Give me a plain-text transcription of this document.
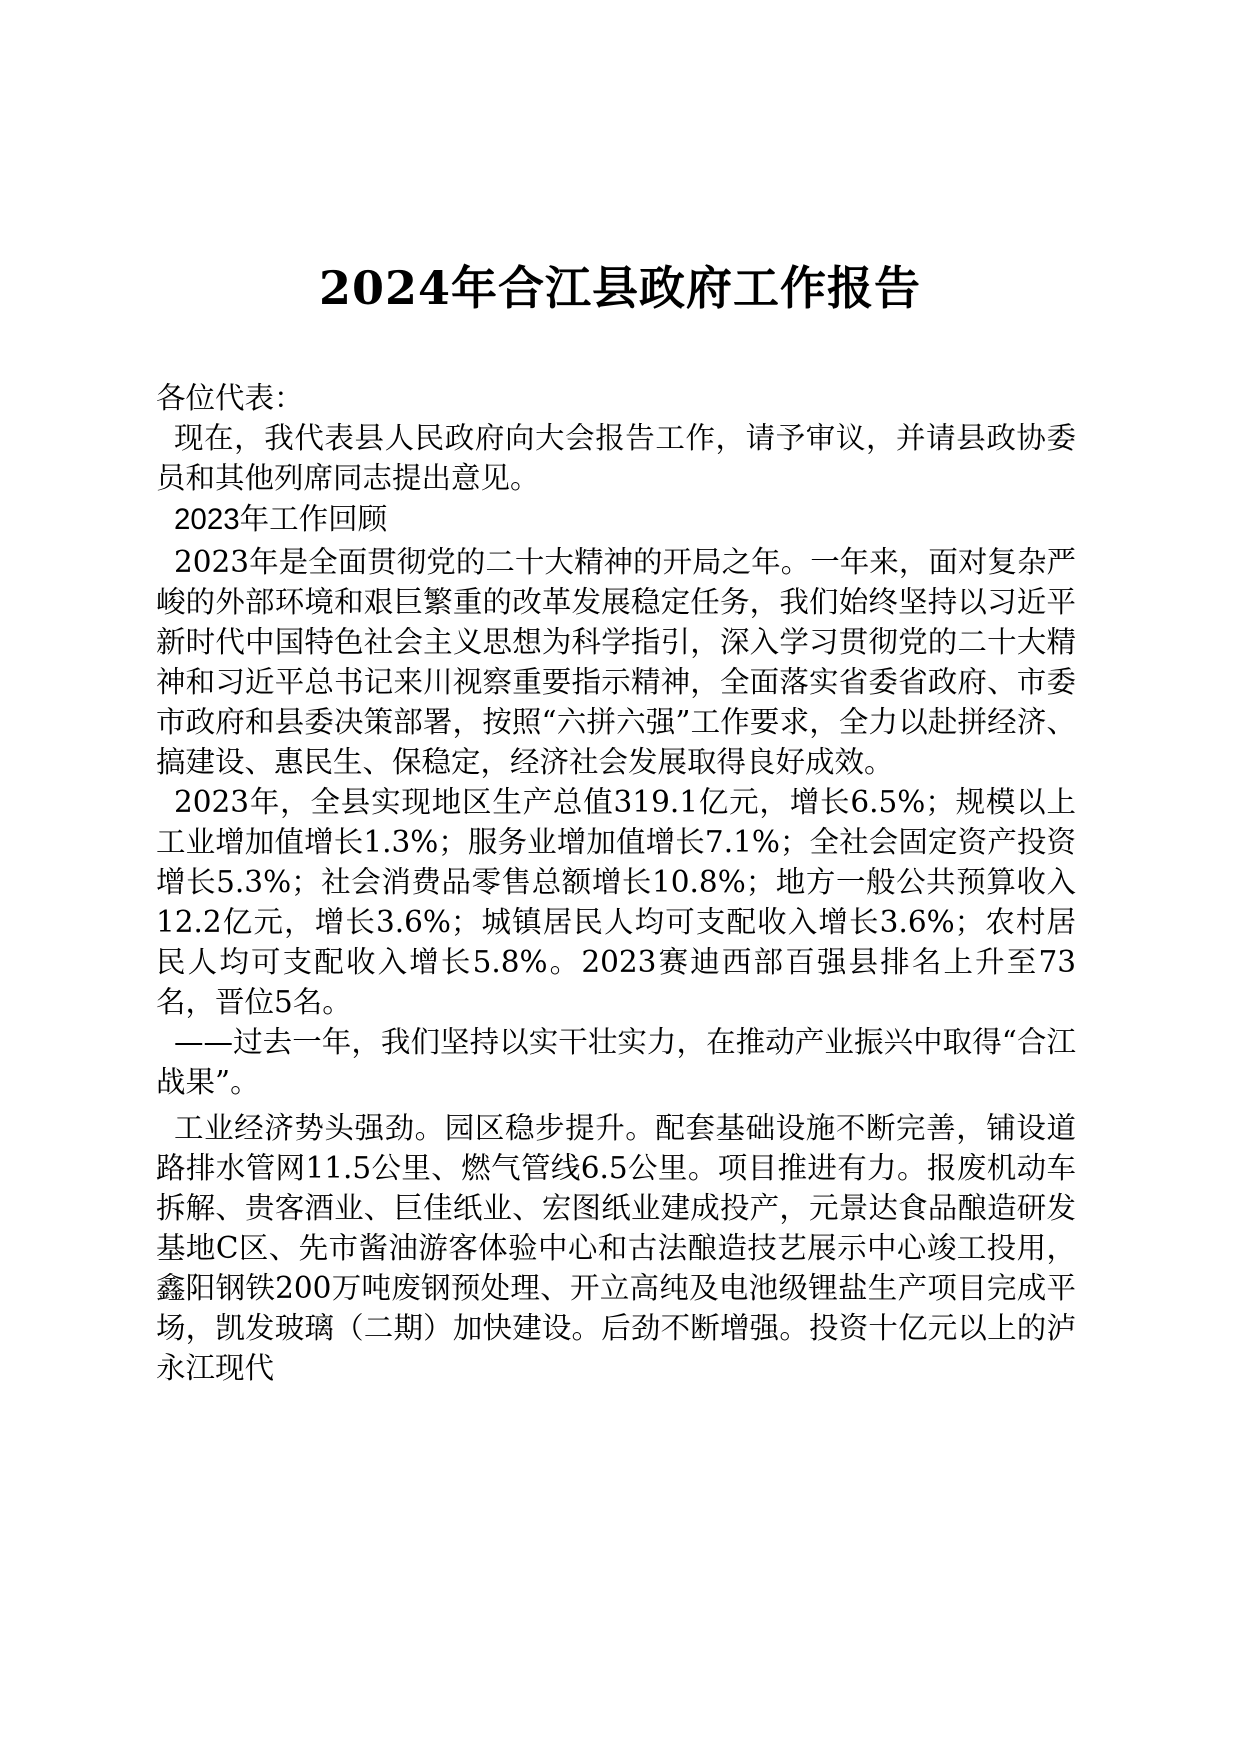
2024年合江县政府工作报告

各位代表：

现在，我代表县人民政府向大会报告工作，请予审议，并请县政协委员和其他列席同志提出意见。

2023年工作回顾

2023年是全面贯彻党的二十大精神的开局之年。一年来，面对复杂严峻的外部环境和艰巨繁重的改革发展稳定任务，我们始终坚持以习近平新时代中国特色社会主义思想为科学指引，深入学习贯彻党的二十大精神和习近平总书记来川视察重要指示精神，全面落实省委省政府、市委市政府和县委决策部署，按照“六拼六强”工作要求，全力以赴拼经济、搞建设、惠民生、保稳定，经济社会发展取得良好成效。

2023年，全县实现地区生产总值319.1亿元，增长6.5%；规模以上工业增加值增长1.3%；服务业增加值增长7.1%；全社会固定资产投资增长5.3%；社会消费品零售总额增长10.8%；地方一般公共预算收入12.2亿元，增长3.6%；城镇居民人均可支配收入增长3.6%；农村居民人均可支配收入增长5.8%。2023赛迪西部百强县排名上升至73名，晋位5名。

——过去一年，我们坚持以实干壮实力，在推动产业振兴中取得“合江战果”。

工业经济势头强劲。园区稳步提升。配套基础设施不断完善，铺设道路排水管网11.5公里、燃气管线6.5公里。项目推进有力。报废机动车拆解、贵客酒业、巨佳纸业、宏图纸业建成投产，元景达食品酿造研发基地C区、先市酱油游客体验中心和古法酿造技艺展示中心竣工投用，鑫阳钢铁200万吨废钢预处理、开立高纯及电池级锂盐生产项目完成平场，凯发玻璃（二期）加快建设。后劲不断增强。投资十亿元以上的泸永江现代
